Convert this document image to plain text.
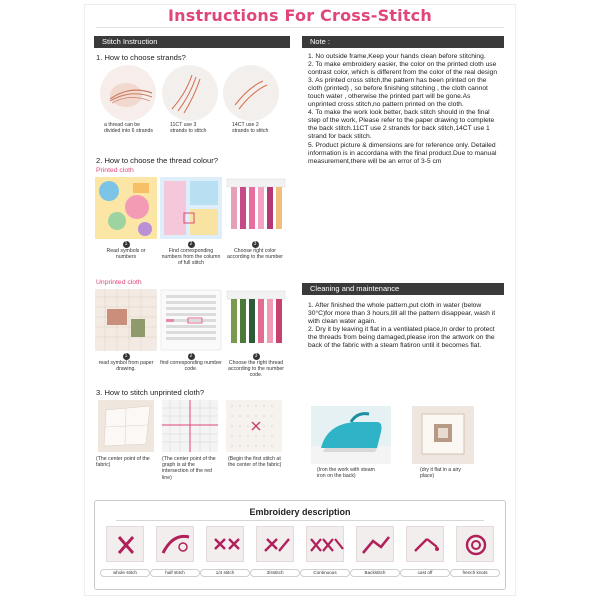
Instructions For Cross-Stitch
Stitch Instruction
1. How to choose strands?
a thread can be divided into 6 strands
11CT use 3 strands to stitch
14CT use 2 strands to stitch
2. How to choose the thread colour?
Printed cloth
1
Read symbols or numbers
2
Find corresponding numbers from the column of full stitch
3
Choose right color according to the number
Unprinted cloth
1
read symbol from paper drawing.
2
find corresponding number code.
3
Choose the right thread according to the number code.
3. How to stitch unprinted cloth?
(The center point of the fabric)
(The center point of the graph is at the intersection of the red line)
(Begin the first stitch at the center of the fabric)
Note :

1. No outside frame,Keep your hands clean before stitching.

2. To make embroidery easier, the color on the printed cloth use contrast color, which is different from the color of the real design

3. As printed cross stitch,the pattern has been printed on the cloth (printed) , so before finishing stitching , the cloth cannot touch water , otherwise the printed part will be gone.As unprinted cross stitch,no pattern printed on the cloth.

4. To make the work look better, back stitch should in the final step of the work, Please refer to the paper drawing to complete the back stitch.11CT use 2 strands for back stitch,14CT use 1 strand for back stitch.

5. Product picture & dimensions are for reference only. Detailed information is in accordana with the final product.Due to manual measurement,there will be an error of 3-5 cm

Cleaning and maintenance

1. After finished the whole pattern,put cloth in water (below 30°C)for more than 3 hours,till all the pattern disappear, wash it with clean water again.

2. Dry it by leaving it flat in a ventilated place,In order to protect the threads from being damaged,please iron the artwork on the back of the fabric with a steam flatiron until it becomes flat.

(Iron the work with steam iron on the back)
(dry it flat in a airy place)
Embroidery description
whole stitch	half stitch	1/4 stitch	3/4stitch	Continuous	Backstitch	cast off	french knots
